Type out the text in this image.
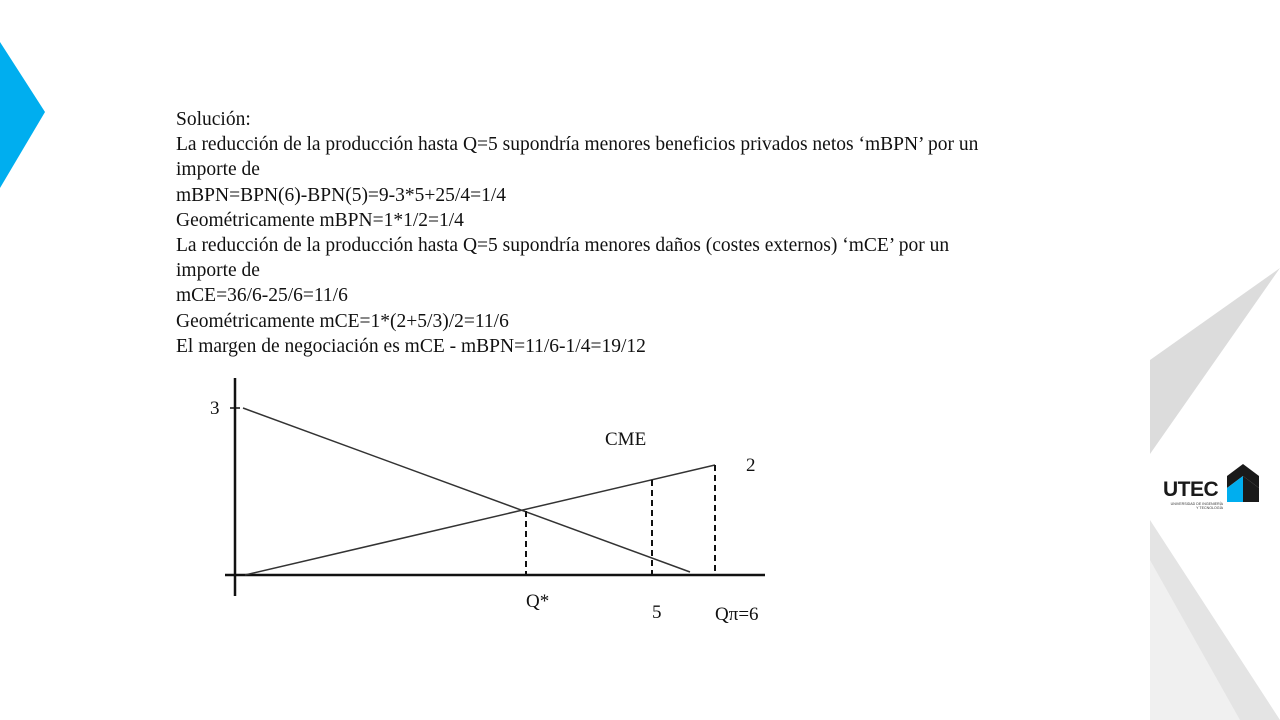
Solución:
La reducción de la producción hasta Q=5 supondría menores beneficios privados netos ‘mBPN’ por un
importe de
mBPN=BPN(6)-BPN(5)=9-3*5+25/4=1/4
Geométricamente mBPN=1*1/2=1/4
La reducción de la producción hasta Q=5 supondría menores daños (costes externos) ‘mCE’ por un
importe de
mCE=36/6-25/6=11/6
Geométricamente mCE=1*(2+5/3)/2=11/6
El margen de negociación es mCE - mBPN=11/6-1/4=19/12
3
CME
2
Q*
5	Qπ=6
UTEC
UNIVERSIDAD DE INGENIERÍA
Y TECNOLOGÍA
